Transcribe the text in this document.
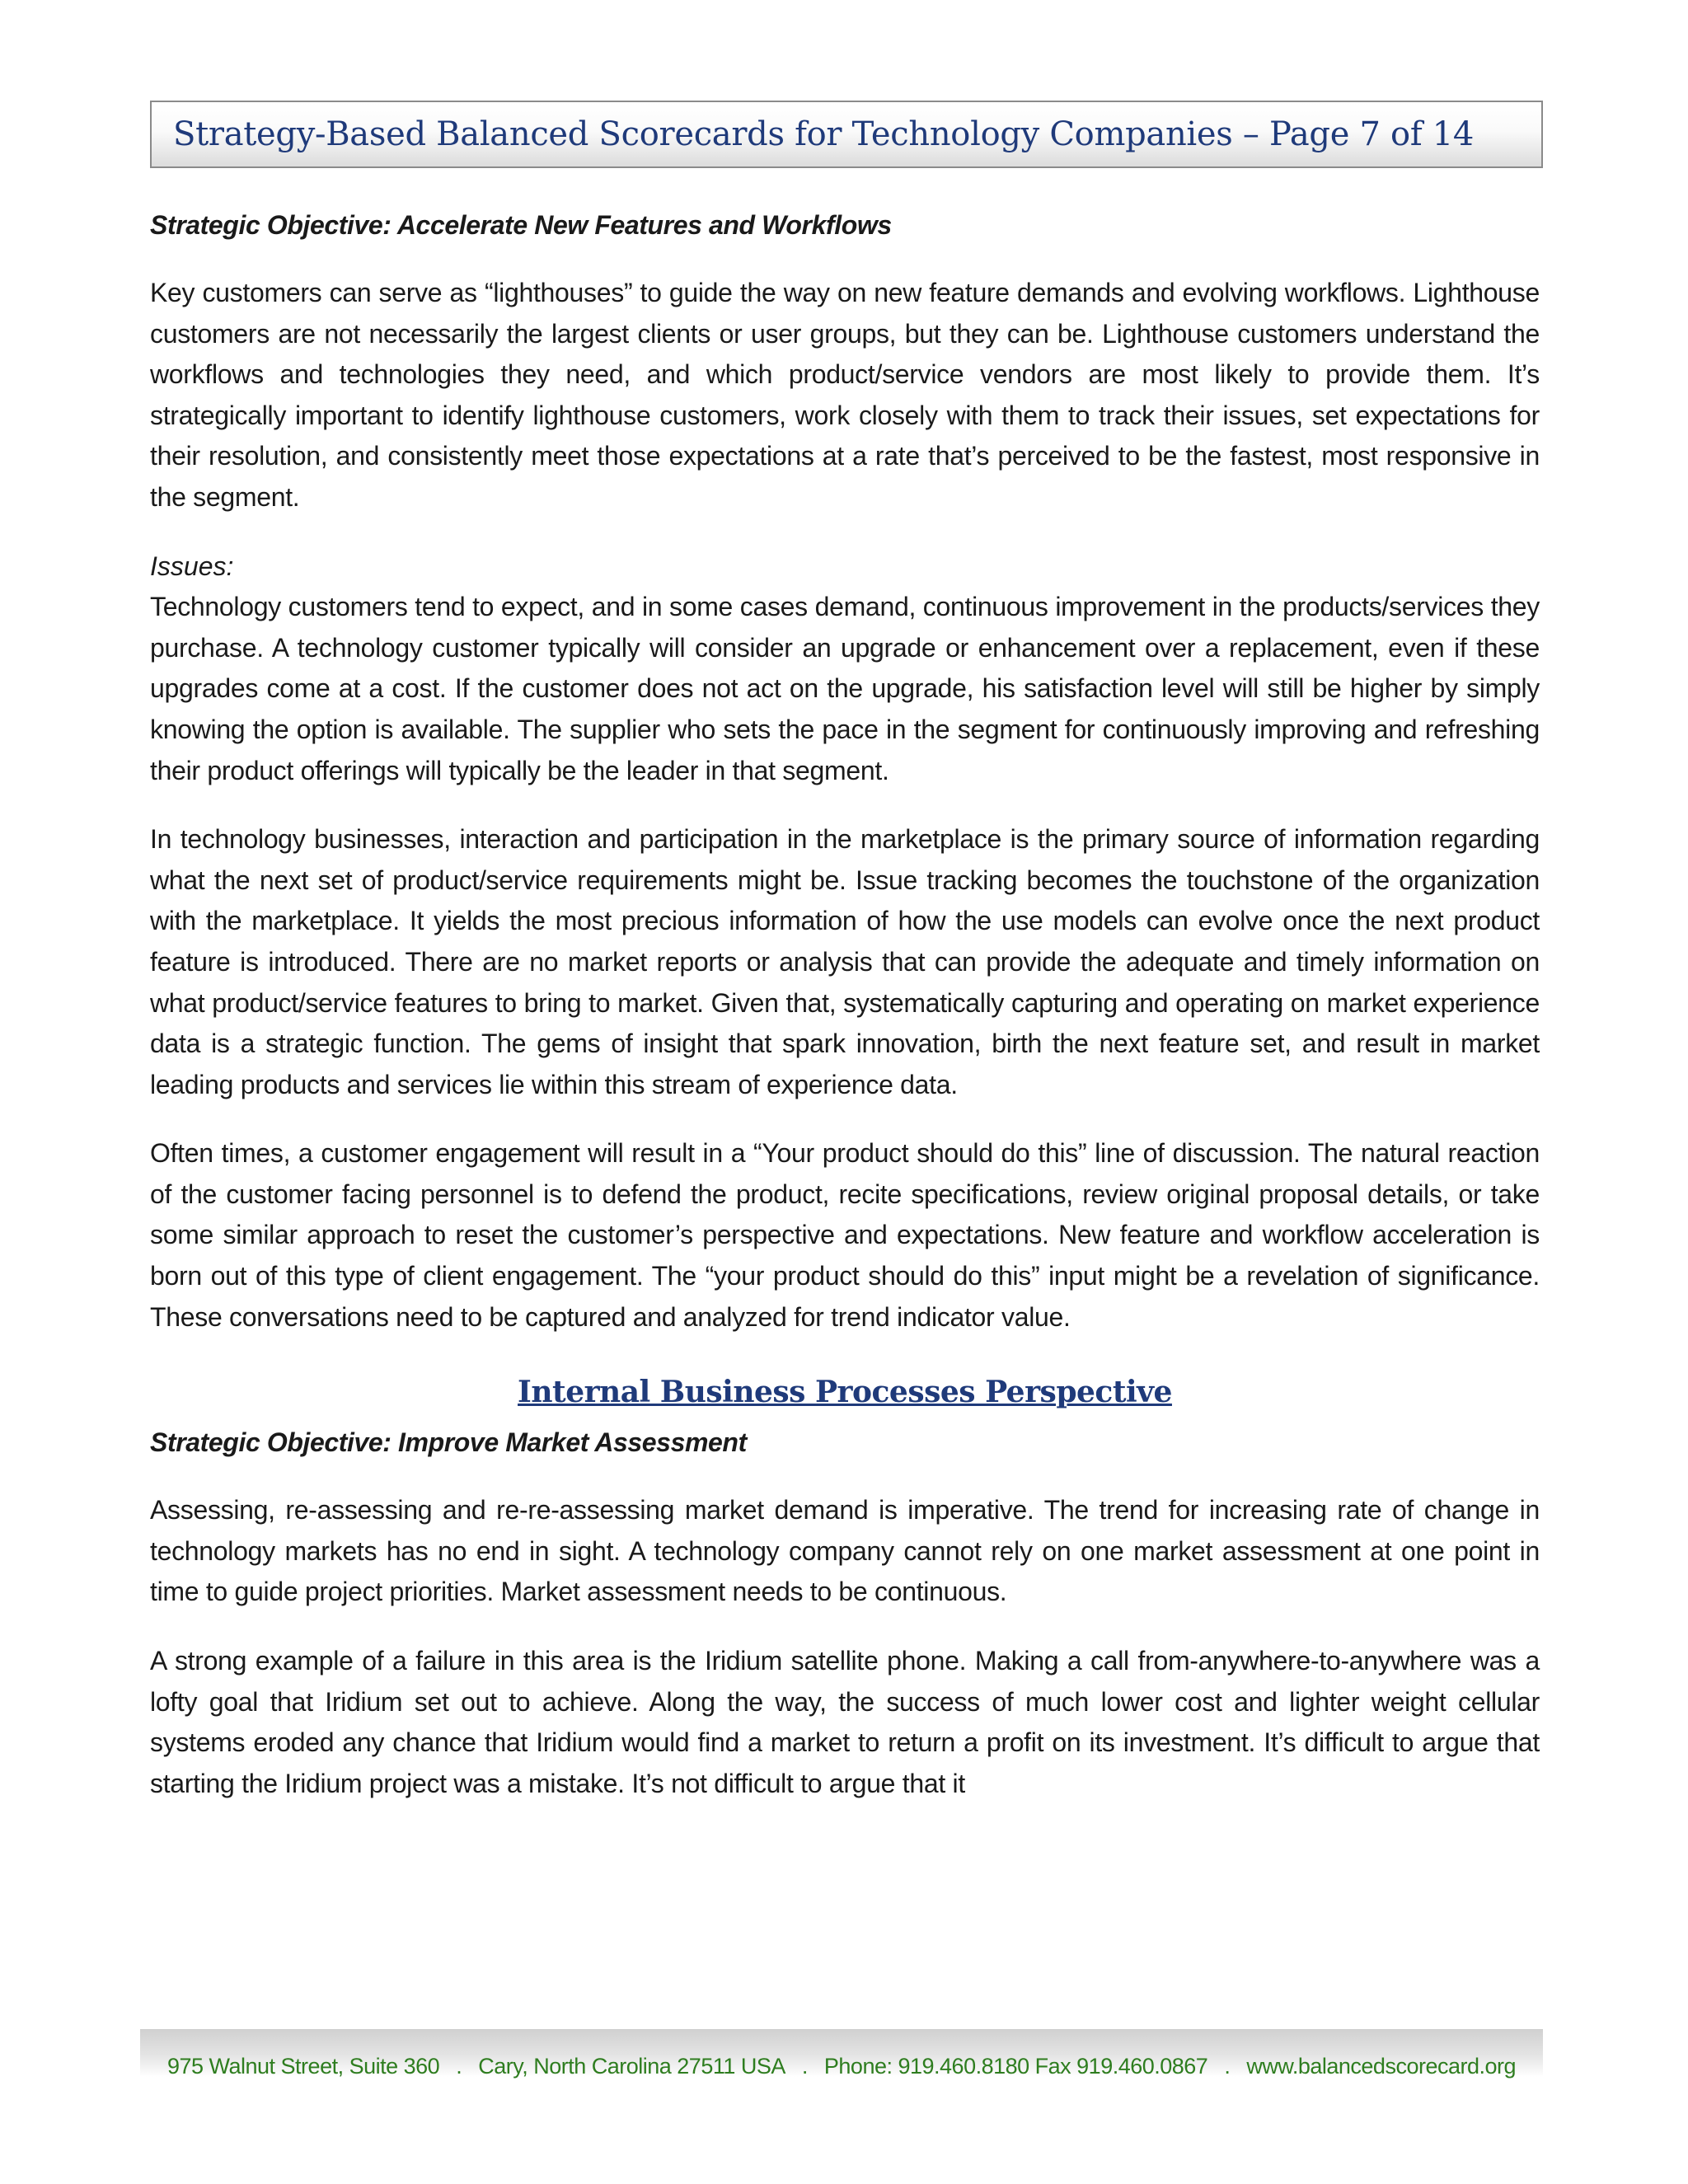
Strategy-Based Balanced Scorecards for Technology Companies – Page 7 of 14

Strategic Objective: Accelerate New Features and Workflows

Key customers can serve as “lighthouses” to guide the way on new feature demands and evolving workflows. Lighthouse customers are not necessarily the largest clients or user groups, but they can be. Lighthouse customers understand the workflows and technologies they need, and which product/service vendors are most likely to provide them. It’s strategically important to identify lighthouse customers, work closely with them to track their issues, set expectations for their resolution, and consistently meet those expectations at a rate that’s perceived to be the fastest, most responsive in the segment.

Issues:

Technology customers tend to expect, and in some cases demand, continuous improvement in the products/services they purchase. A technology customer typically will consider an upgrade or enhancement over a replacement, even if these upgrades come at a cost. If the customer does not act on the upgrade, his satisfaction level will still be higher by simply knowing the option is available. The supplier who sets the pace in the segment for continuously improving and refreshing their product offerings will typically be the leader in that segment.

In technology businesses, interaction and participation in the marketplace is the primary source of information regarding what the next set of product/service requirements might be. Issue tracking becomes the touchstone of the organization with the marketplace. It yields the most precious information of how the use models can evolve once the next product feature is introduced. There are no market reports or analysis that can provide the adequate and timely information on what product/service features to bring to market. Given that, systematically capturing and operating on market experience data is a strategic function. The gems of insight that spark innovation, birth the next feature set, and result in market leading products and services lie within this stream of experience data.

Often times, a customer engagement will result in a “Your product should do this” line of discussion. The natural reaction of the customer facing personnel is to defend the product, recite specifications, review original proposal details, or take some similar approach to reset the customer’s perspective and expectations. New feature and workflow acceleration is born out of this type of client engagement. The “your product should do this” input might be a revelation of significance. These conversations need to be captured and analyzed for trend indicator value.

Internal Business Processes Perspective

Strategic Objective: Improve Market Assessment

Assessing, re-assessing and re-re-assessing market demand is imperative. The trend for increasing rate of change in technology markets has no end in sight. A technology company cannot rely on one market assessment at one point in time to guide project priorities. Market assessment needs to be continuous.

A strong example of a failure in this area is the Iridium satellite phone. Making a call from-anywhere-to-anywhere was a lofty goal that Iridium set out to achieve. Along the way, the success of much lower cost and lighter weight cellular systems eroded any chance that Iridium would find a market to return a profit on its investment. It’s difficult to argue that starting the Iridium project was a mistake. It’s not difficult to argue that it

975 Walnut Street, Suite 360 . Cary, North Carolina 27511 USA . Phone: 919.460.8180 Fax 919.460.0867 . www.balancedscorecard.org
